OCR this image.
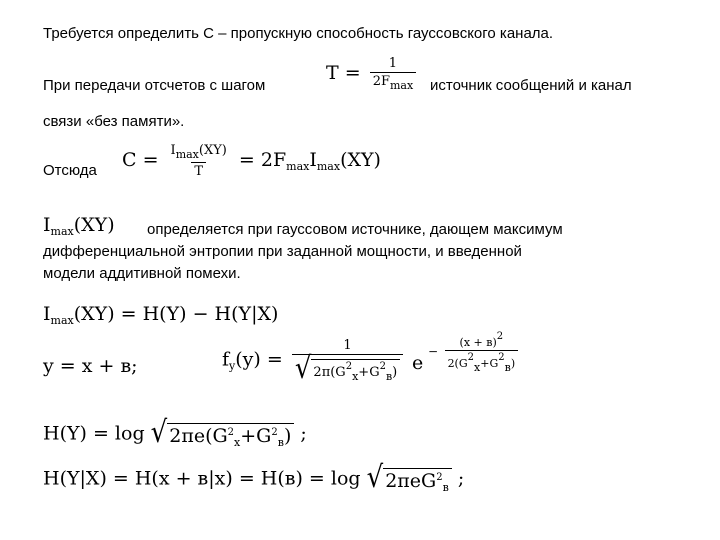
Требуется определить C – пропускную способность гауссовского канала.
При передачи отсчетов с шагом
$T = \frac{1}{2F_{max}}$ источник сообщений и канал
связи «без памяти».
Отсюда $C = \frac{I_{max}(XY)}{T} = 2F_{max}I_{max}(XY)$
$I_{max}(XY)$ определяется при гауссовом источнике, дающем максимум
дифференциальной энтропии при заданной мощности, и введенной
модели аддитивной помехи.
$I_{max}(XY) = H(Y) - H(Y|X)$
y = x + в;	$f_y(y) = \frac{1}{√ 2\pi(G^2_x+G^2_в)}$ e
− $\frac{(x + в)^2}{2(G^2_x+G^2_в)}$
H(Y) = log √ $2\pi e(G^2_x+G^2_в)$ ;
H(Y|X) = H(x + в|x) = H(в) = log √ 2πeG$^2_в$ ;
